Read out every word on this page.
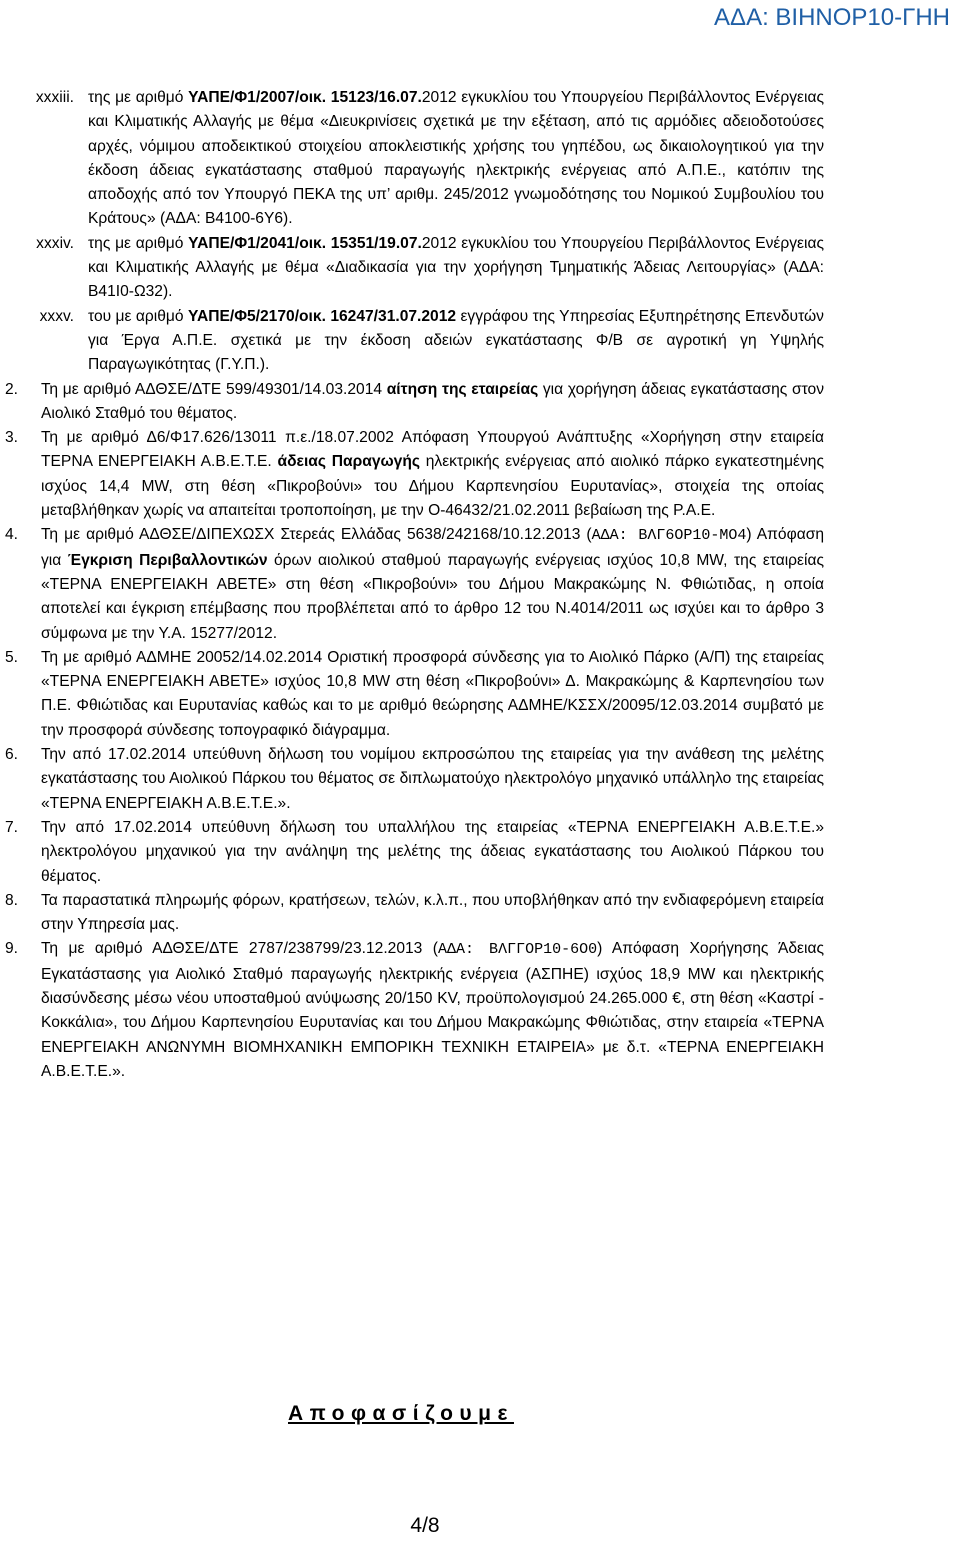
ΑΔΑ: ΒΙΗΝΟΡ10-ΓΗΗ
xxxiii. της με αριθμό ΥΑΠΕ/Φ1/2007/οικ. 15123/16.07.2012 εγκυκλίου του Υπουργείου Περιβάλλοντος Ενέργειας και Κλιματικής Αλλαγής με θέμα «Διευκρινίσεις σχετικά με την εξέταση, από τις αρμόδιες αδειοδοτούσες αρχές, νόμιμου αποδεικτικού στοιχείου αποκλειστικής χρήσης του γηπέδου, ως δικαιολογητικού για την έκδοση άδειας εγκατάστασης σταθμού παραγωγής ηλεκτρικής ενέργειας από Α.Π.Ε., κατόπιν της αποδοχής από τον Υπουργό ΠΕΚΑ της υπ’ αριθμ. 245/2012 γνωμοδότησης του Νομικού Συμβουλίου του Κράτους» (ΑΔΑ: Β4100-6Υ6).
xxxiv. της με αριθμό ΥΑΠΕ/Φ1/2041/οικ. 15351/19.07.2012 εγκυκλίου του Υπουργείου Περιβάλλοντος Ενέργειας και Κλιματικής Αλλαγής με θέμα «Διαδικασία για την χορήγηση Τμηματικής Άδειας Λειτουργίας» (ΑΔΑ: Β41Ι0-Ω32).
xxxv. του με αριθμό ΥΑΠΕ/Φ5/2170/οικ. 16247/31.07.2012 εγγράφου της Υπηρεσίας Εξυπηρέτησης Επενδυτών για Έργα Α.Π.Ε. σχετικά με την έκδοση αδειών εγκατάστασης Φ/Β σε αγροτική γη Υψηλής Παραγωγικότητας (Γ.Υ.Π.).
2.	Τη με αριθμό ΑΔΘΣΕ/ΔΤΕ 599/49301/14.03.2014 αίτηση της εταιρείας για χορήγηση άδειας εγκατάστασης στον Αιολικό Σταθμό του θέματος.
3.	Τη με αριθμό Δ6/Φ17.626/13011 π.ε./18.07.2002 Απόφαση Υπουργού Ανάπτυξης «Χορήγηση στην εταιρεία ΤΕΡΝΑ ΕΝΕΡΓΕΙΑΚΗ Α.Β.Ε.Τ.Ε. άδειας Παραγωγής ηλεκτρικής ενέργειας από αιολικό πάρκο εγκατεστημένης ισχύος 14,4 MW, στη θέση «Πικροβούνι» του Δήμου Καρπενησίου Ευρυτανίας», στοιχεία της οποίας μεταβλήθηκαν χωρίς να απαιτείται τροποποίηση, με την Ο-46432/21.02.2011 βεβαίωση της Ρ.Α.Ε.
4.	Τη με αριθμό ΑΔΘΣΕ/ΔΙΠΕΧΩΣΧ Στερεάς Ελλάδας 5638/242168/10.12.2013 (ΑΔΑ: ΒΛΓ6ΟΡ10-ΜΟ4) Απόφαση για Έγκριση Περιβαλλοντικών όρων αιολικού σταθμού παραγωγής ενέργειας ισχύος 10,8 MW, της εταιρείας «ΤΕΡΝΑ ΕΝΕΡΓΕΙΑΚΗ ΑΒΕΤΕ» στη θέση «Πικροβούνι» του Δήμου Μακρακώμης Ν. Φθιώτιδας, η οποία αποτελεί και έγκριση επέμβασης που προβλέπεται από το άρθρο 12 του Ν.4014/2011 ως ισχύει και το άρθρο 3 σύμφωνα με την Υ.Α. 15277/2012.
5.	Τη με αριθμό ΑΔΜΗΕ 20052/14.02.2014 Οριστική προσφορά σύνδεσης για το Αιολικό Πάρκο (Α/Π) της εταιρείας «ΤΕΡΝΑ ΕΝΕΡΓΕΙΑΚΗ ΑΒΕΤΕ» ισχύος 10,8 MW στη θέση «Πικροβούνι» Δ. Μακρακώμης & Καρπενησίου των Π.Ε. Φθιώτιδας και Ευρυτανίας καθώς και το με αριθμό θεώρησης ΑΔΜΗΕ/ΚΣΣΧ/20095/12.03.2014 συμβατό με την προσφορά σύνδεσης τοπογραφικό διάγραμμα.
6.	Την από 17.02.2014 υπεύθυνη δήλωση του νομίμου εκπροσώπου της εταιρείας για την ανάθεση της μελέτης εγκατάστασης του Αιολικού Πάρκου του θέματος σε διπλωματούχο ηλεκτρολόγο μηχανικό υπάλληλο της εταιρείας «ΤΕΡΝΑ ΕΝΕΡΓΕΙΑΚΗ Α.Β.Ε.Τ.Ε.».
7.	Την από 17.02.2014 υπεύθυνη δήλωση του υπαλλήλου της εταιρείας «ΤΕΡΝΑ ΕΝΕΡΓΕΙΑΚΗ Α.Β.Ε.Τ.Ε.» ηλεκτρολόγου μηχανικού για την ανάληψη της μελέτης της άδειας εγκατάστασης του Αιολικού Πάρκου του θέματος.
8.	Τα παραστατικά πληρωμής φόρων, κρατήσεων, τελών, κ.λ.π., που υποβλήθηκαν από την ενδιαφερόμενη εταιρεία στην Υπηρεσία μας.
9.	Τη με αριθμό ΑΔΘΣΕ/ΔΤΕ 2787/238799/23.12.2013 (ΑΔΑ: ΒΛΓΓΟΡ10-6Ο0) Απόφαση Χορήγησης Άδειας Εγκατάστασης για Αιολικό Σταθμό παραγωγής ηλεκτρικής ενέργεια (ΑΣΠΗΕ) ισχύος 18,9 MW και ηλεκτρικής διασύνδεσης μέσω νέου υποσταθμού ανύψωσης 20/150 KV, προϋπολογισμού 24.265.000 €, στη θέση «Καστρί - Κοκκάλια», του Δήμου Καρπενησίου Ευρυτανίας και του Δήμου Μακρακώμης Φθιώτιδας, στην εταιρεία «ΤΕΡΝΑ ΕΝΕΡΓΕΙΑΚΗ ΑΝΩΝΥΜΗ ΒΙΟΜΗΧΑΝΙΚΗ ΕΜΠΟΡΙΚΗ ΤΕΧΝΙΚΗ ΕΤΑΙΡΕΙΑ» με δ.τ. «ΤΕΡΝΑ ΕΝΕΡΓΕΙΑΚΗ Α.Β.Ε.Τ.Ε.».
Αποφασίζουμε
4/8
